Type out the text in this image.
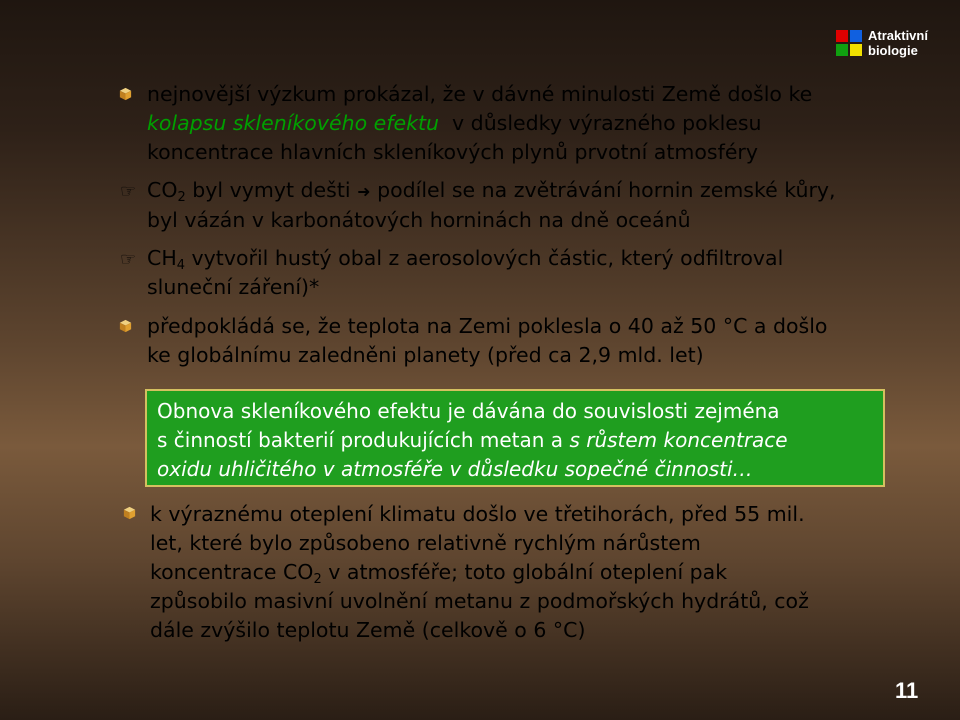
Atraktivní
biologie
nejnovější výzkum prokázal, že v dávné minulosti Země došlo ke
kolapsu skleníkového efektu v důsledky výrazného poklesu
koncentrace hlavních skleníkových plynů prvotní atmosféry
☞ $CO_2$ byl vymyt dešti ➜ podílel se na zvětrávání hornin zemské kůry,
byl vázán v karbonátových horninách na dně oceánů
☞ $CH_4$ vytvořil hustý obal z aerosolových částic, který odfiltroval
sluneční záření)*
předpokládá se, že teplota na Zemi poklesla o 40 až 50 °C a došlo
ke globálnímu zaledněni planety (před ca 2,9 mld. let)
Obnova skleníkového efektu je dávána do souvislosti zejména
s činností bakterií produkujících metan a s růstem koncentrace
oxidu uhličitého v atmosféře v důsledku sopečné činnosti…
k výraznému oteplení klimatu došlo ve třetihorách, před 55 mil.
let, které bylo způsobeno relativně rychlým nárůstem
koncentrace $CO_2$ v atmosféře; toto globální oteplení pak
způsobilo masivní uvolnění metanu z podmořských hydrátů, což
dále zvýšilo teplotu Země (celkově o 6 °C)
11
